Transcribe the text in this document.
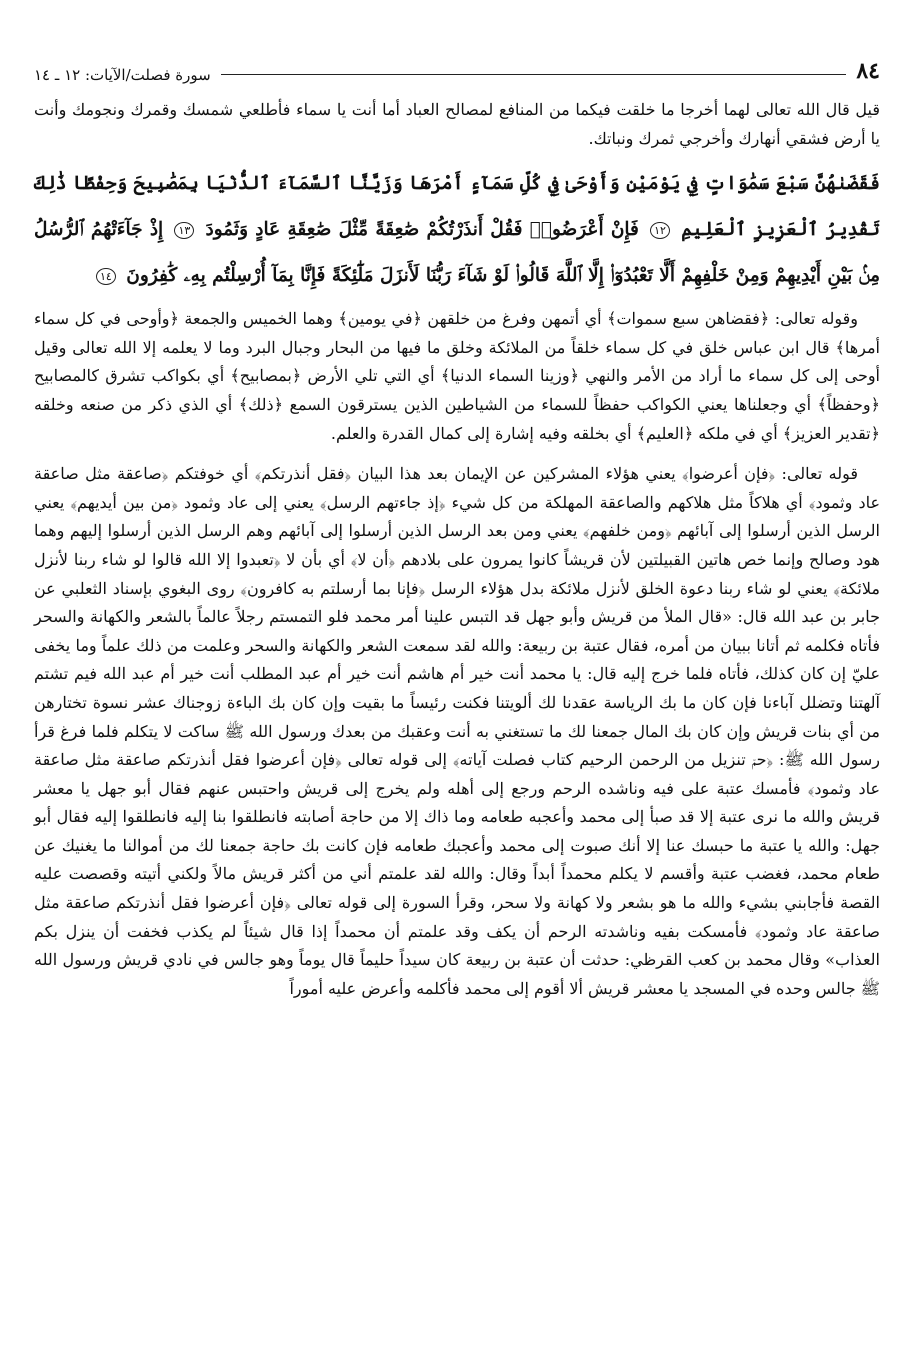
٨٤
سورة فصلت/الآيات: ١٢ ـ ١٤

قيل قال الله تعالى لهما أخرجا ما خلقت فيكما من المنافع لمصالح العباد أما أنت يا سماء فأطلعي شمسك وقمرك ونجومك وأنت يا أرض فشقي أنهارك وأخرجي ثمرك ونباتك.

فَقَضَىٰهُنَّ سَبْعَ سَمَٰوَاتٍ فِي يَوْمَيْنِ وَأَوْحَىٰ فِي كُلِّ سَمَآءٍ أَمْرَهَا وَزَيَّنَّا ٱلسَّمَآءَ ٱلدُّنْيَا بِمَصَٰبِيحَ وَحِفْظًا ذَٰلِكَ تَقْدِيرُ ٱلْعَزِيزِ ٱلْعَلِيمِ ١٢ فَإِنْ أَعْرَضُوا۟ فَقُلْ أَنذَرْتُكُمْ صَٰعِقَةً مِّثْلَ صَٰعِقَةِ عَادٍ وَثَمُودَ ١٣ إِذْ جَآءَتْهُمُ ٱلرُّسُلُ مِنۢ بَيْنِ أَيْدِيهِمْ وَمِنْ خَلْفِهِمْ أَلَّا تَعْبُدُوٓا۟ إِلَّا ٱللَّهَ قَالُوا۟ لَوْ شَآءَ رَبُّنَا لَأَنزَلَ مَلَٰٓئِكَةً فَإِنَّا بِمَآ أُرْسِلْتُم بِهِۦ كَٰفِرُونَ ١٤

وقوله تعالى: ﴿فقضاهن سبع سموات﴾ أي أتمهن وفرغ من خلقهن ﴿في يومين﴾ وهما الخميس والجمعة ﴿وأوحى في كل سماء أمرها﴾ قال ابن عباس خلق في كل سماء خلقاً من الملائكة وخلق ما فيها من البحار وجبال البرد وما لا يعلمه إلا الله تعالى وقيل أوحى إلى كل سماء ما أراد من الأمر والنهي ﴿وزينا السماء الدنيا﴾ أي التي تلي الأرض ﴿بمصابيح﴾ أي بكواكب تشرق كالمصابيح ﴿وحفظاً﴾ أي وجعلناها يعني الكواكب حفظاً للسماء من الشياطين الذين يسترقون السمع ﴿ذلك﴾ أي الذي ذكر من صنعه وخلقه ﴿تقدير العزيز﴾ أي في ملكه ﴿العليم﴾ أي بخلقه وفيه إشارة إلى كمال القدرة والعلم.

قوله تعالى: ﴿فإن أعرضوا﴾ يعني هؤلاء المشركين عن الإيمان بعد هذا البيان ﴿فقل أنذرتكم﴾ أي خوفتكم ﴿صاعقة مثل صاعقة عاد وثمود﴾ أي هلاكاً مثل هلاكهم والصاعقة المهلكة من كل شيء ﴿إذ جاءتهم الرسل﴾ يعني إلى عاد وثمود ﴿من بين أيديهم﴾ يعني الرسل الذين أرسلوا إلى آبائهم ﴿ومن خلفهم﴾ يعني ومن بعد الرسل الذين أرسلوا إلى آبائهم وهم الرسل الذين أرسلوا إليهم وهما هود وصالح وإنما خص هاتين القبيلتين لأن قريشاً كانوا يمرون على بلادهم ﴿أن لا﴾ أي بأن لا ﴿تعبدوا إلا الله قالوا لو شاء ربنا لأنزل ملائكة﴾ يعني لو شاء ربنا دعوة الخلق لأنزل ملائكة بدل هؤلاء الرسل ﴿فإنا بما أرسلتم به كافرون﴾ روى البغوي بإسناد الثعلبي عن جابر بن عبد الله قال: «قال الملأ من قريش وأبو جهل قد التبس علينا أمر محمد فلو التمستم رجلاً عالماً بالشعر والكهانة والسحر فأتاه فكلمه ثم أتانا ببيان من أمره، فقال عتبة بن ربيعة: والله لقد سمعت الشعر والكهانة والسحر وعلمت من ذلك علماً وما يخفى عليّ إن كان كذلك، فأتاه فلما خرج إليه قال: يا محمد أنت خير أم هاشم أنت خير أم عبد المطلب أنت خير أم عبد الله فيم تشتم آلهتنا وتضلل آباءنا فإن كان ما بك الرياسة عقدنا لك ألويتنا فكنت رئيساً ما بقيت وإن كان بك الباءة زوجناك عشر نسوة تختارهن من أي بنات قريش وإن كان بك المال جمعنا لك ما تستغني به أنت وعقبك من بعدك ورسول الله ﷺ ساكت لا يتكلم فلما فرغ قرأ رسول الله ﷺ: ﴿حمۤ تنزيل من الرحمن الرحيم كتاب فصلت آياته﴾ إلى قوله تعالى ﴿فإن أعرضوا فقل أنذرتكم صاعقة مثل صاعقة عاد وثمود﴾ فأمسك عتبة على فيه وناشده الرحم ورجع إلى أهله ولم يخرج إلى قريش واحتبس عنهم فقال أبو جهل يا معشر قريش والله ما نرى عتبة إلا قد صبأ إلى محمد وأعجبه طعامه وما ذاك إلا من حاجة أصابته فانطلقوا بنا إليه فانطلقوا إليه فقال أبو جهل: والله يا عتبة ما حبسك عنا إلا أنك صبوت إلى محمد وأعجبك طعامه فإن كانت بك حاجة جمعنا لك من أموالنا ما يغنيك عن طعام محمد، فغضب عتبة وأقسم لا يكلم محمداً أبداً وقال: والله لقد علمتم أني من أكثر قريش مالاً ولكني أتيته وقصصت عليه القصة فأجابني بشيء والله ما هو بشعر ولا كهانة ولا سحر، وقرأ السورة إلى قوله تعالى ﴿فإن أعرضوا فقل أنذرتكم صاعقة مثل صاعقة عاد وثمود﴾ فأمسكت بفيه وناشدته الرحم أن يكف وقد علمتم أن محمداً إذا قال شيئاً لم يكذب فخفت أن ينزل بكم العذاب» وقال محمد بن كعب القرظي: حدثت أن عتبة بن ربيعة كان سيداً حليماً قال يوماً وهو جالس في نادي قريش ورسول الله ﷺ جالس وحده في المسجد يا معشر قريش ألا أقوم إلى محمد فأكلمه وأعرض عليه أموراً
